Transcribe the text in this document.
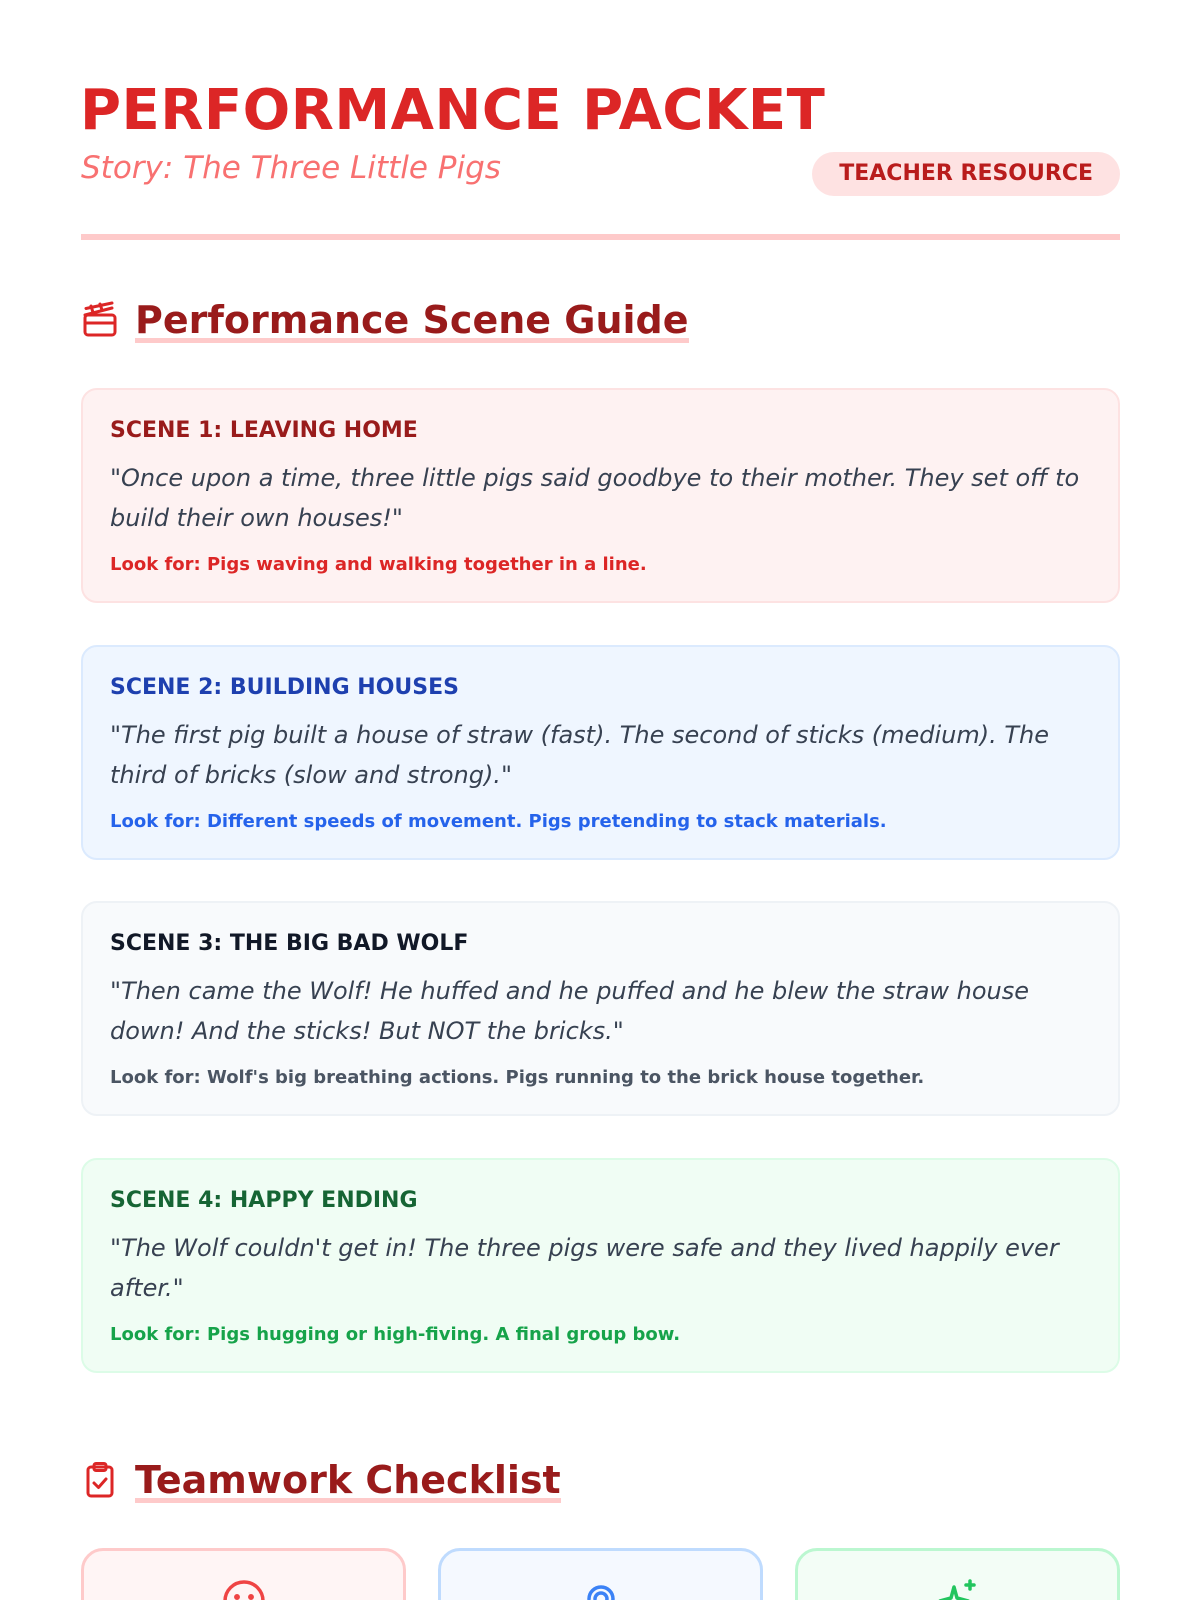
PERFORMANCE PACKET

Story: The Three Little Pigs	TEACHER RESOURCE
Performance Scene Guide
SCENE 1: LEAVING HOME

"Once upon a time, three little pigs said goodbye to their mother. They set off to build their own houses!"

Look for: Pigs waving and walking together in a line.

SCENE 2: BUILDING HOUSES

"The first pig built a house of straw (fast). The second of sticks (medium). The third of bricks (slow and strong)."

Look for: Different speeds of movement. Pigs pretending to stack materials.

SCENE 3: THE BIG BAD WOLF

"Then came the Wolf! He huffed and he puffed and he blew the straw house down! And the sticks! But NOT the bricks."

Look for: Wolf's big breathing actions. Pigs running to the brick house together.

SCENE 4: HAPPY ENDING

"The Wolf couldn't get in! The three pigs were safe and they lived happily ever after."

Look for: Pigs hugging or high-fiving. A final group bow.

Teamwork Checklist
